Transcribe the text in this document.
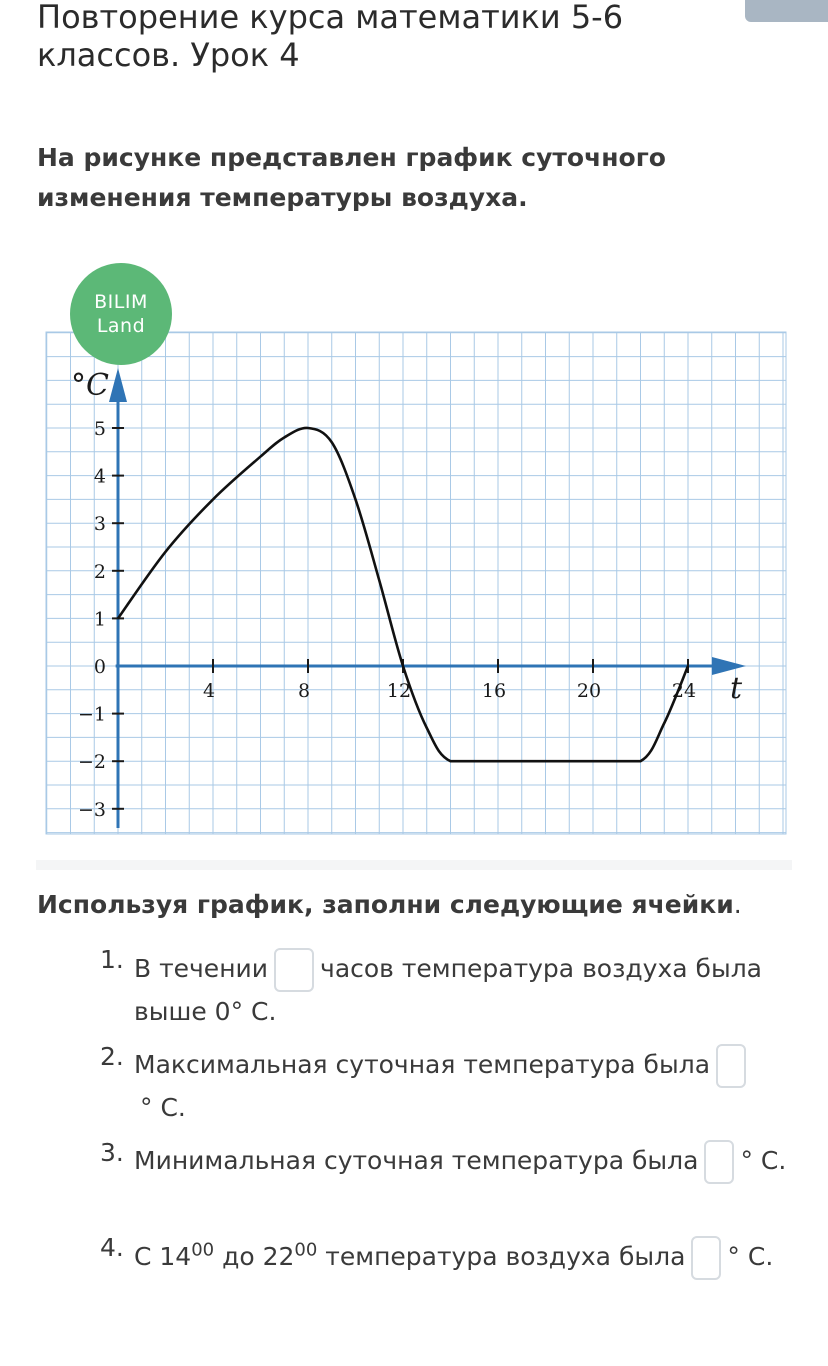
Повторение курса математики 5-6 классов. Урок 4

На рисунке представлен график суточного изменения температуры воздуха.

4	8	12	16	20	24
5
4
3
2
1
0
−1
−2
−3
t
°C
BILIM
Land
Используя график, заполни следующие ячейки.
1. В течении часов температура воздуха была выше 0° С.
2. Максимальная суточная температура была
° С.
3. Минимальная суточная температура была ° С.
4. С $14^{00}$ до $22^{00}$ температура воздуха была ° С.
